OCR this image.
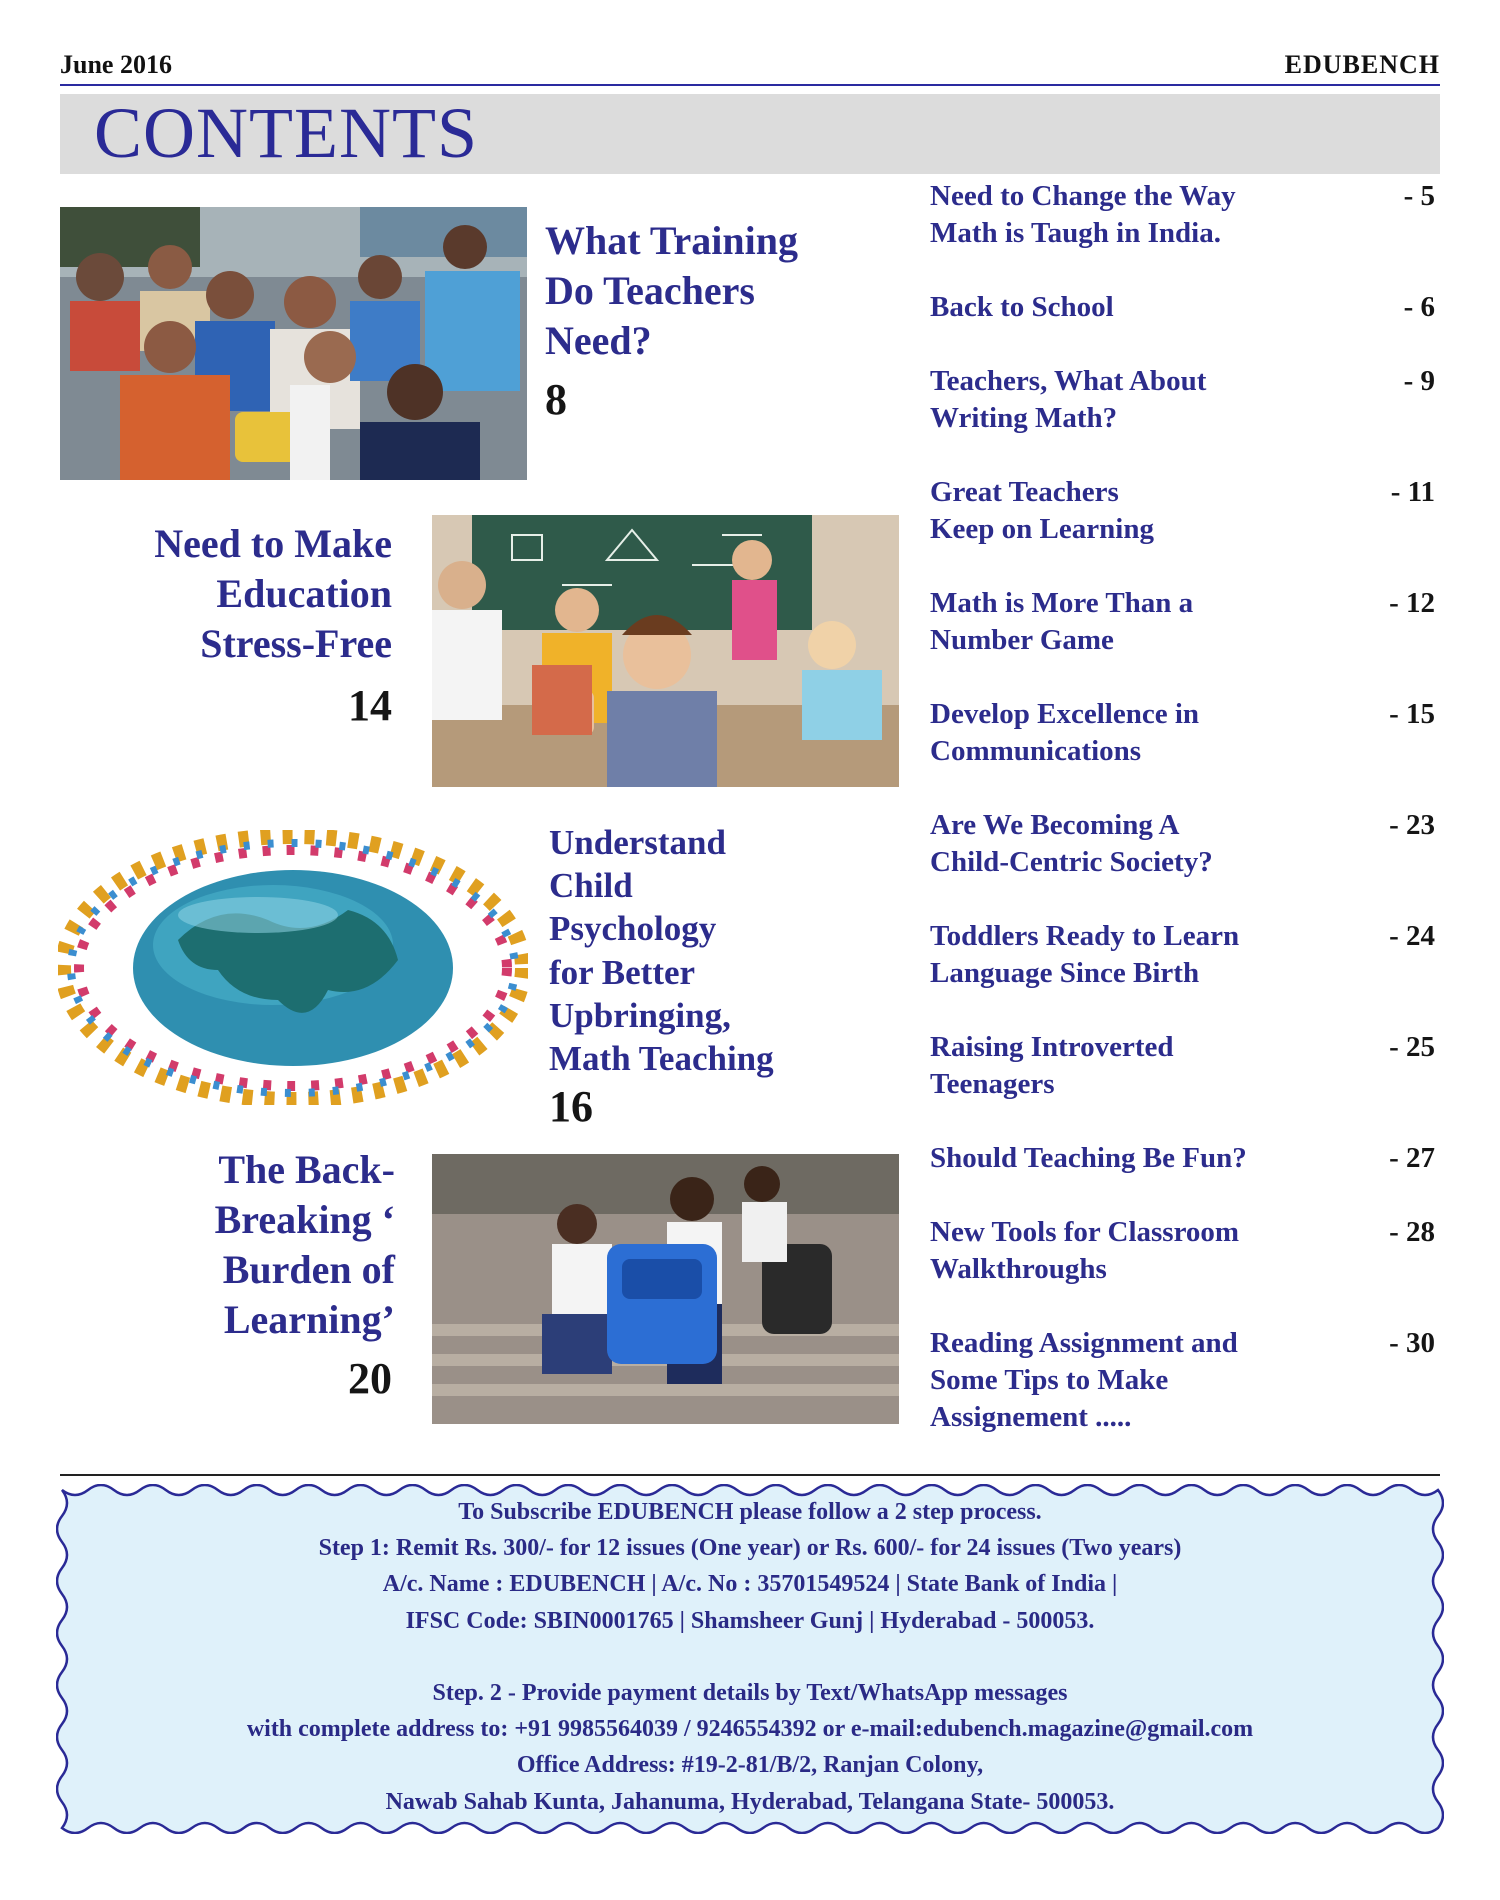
June 2016	EDUBENCH
CONTENTS
What Training
Do Teachers
Need?
8
Need to Make
Education
Stress-Free
14
Understand
Child
Psychology
for Better
Upbringing,
Math Teaching
16
The Back-
Breaking ‘
Burden of
Learning’
20
Need to Change the Way
Math is Taugh in India.
- 5
Back to School	- 6
Teachers, What About
Writing Math?
- 9
Great Teachers
Keep on Learning
- 11
Math is More Than a
Number Game
- 12
Develop Excellence in
Communications
- 15
Are We Becoming A
Child-Centric Society?
- 23
Toddlers Ready to Learn
Language Since Birth
- 24
Raising Introverted
Teenagers
- 25
Should Teaching Be Fun?	- 27
New Tools for Classroom
Walkthroughs
- 28
Reading Assignment and
Some Tips to Make
Assignement .....
- 30
To Subscribe EDUBENCH please follow a 2 step process.
Step 1: Remit Rs. 300/- for 12 issues (One year) or Rs. 600/- for 24 issues (Two years)
A/c. Name : EDUBENCH | A/c. No : 35701549524 | State Bank of India |
IFSC Code: SBIN0001765 | Shamsheer Gunj | Hyderabad - 500053.
Step. 2 - Provide payment details by Text/WhatsApp messages
with complete address to: +91 9985564039 / 9246554392 or e-mail:edubench.magazine@gmail.com
Office Address: #19-2-81/B/2, Ranjan Colony,
Nawab Sahab Kunta, Jahanuma, Hyderabad, Telangana State- 500053.
